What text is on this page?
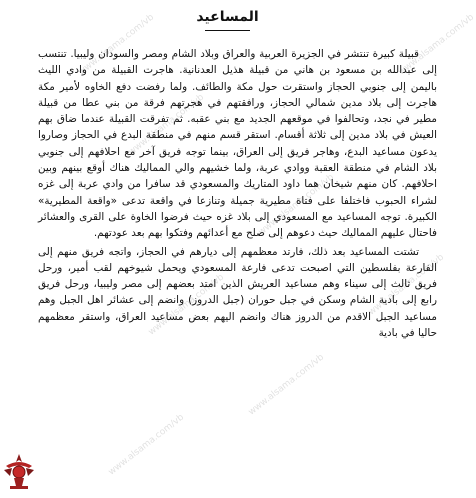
www.alsama.com/vb	www.alsama.com/vb
www.alsama.com/vb
www.alsama.com/vb
www.alsama.com/vb
www.alsama.com/vb
www.alsama.com/vb
www.alsama.com/vb
المساعيد

قبيلة كبيرة تنتشر في الجزيرة العربية والعراق وبلاد الشام ومصر والسودان وليبيا. تنتسب إلى عبدالله بن مسعود بن هاني من قبيلة هذيل العدنانية. هاجرت القبيلة من وادي الليث باليمن إلى جنوبي الحجاز واستقرت حول مكة والطائف. ولما رفضت دفع الخاوه لأمير مكة هاجرت إلى بلاد مدين شمالي الحجاز، ورافقتهم في هجرتهم فرقة من بني عطا من قبيلة مطير في نجد، وتحالفوا في موقعهم الجديد مع بني عقبه. ثم تفرقت القبيلة عندما ضاق بهم العيش في بلاد مدين إلى ثلاثة أقسام. استقر قسم منهم في منطقة البدع في الحجاز وصاروا يدعون مساعيد البدع، وهاجر فريق إلى العراق، بينما توجه فريق آخر مع احلافهم إلى جنوبي بلاد الشام في منطقة العقبة ووادي عربة، ولما خشيهم والي المماليك هناك أوقع بينهم وبين احلافهم. كان منهم شيخان هما داود المتاريك والمسعودي قد سافرا من وادي عربة إلى غزه لشراء الحبوب فاختلفا على فتاة مطيرية جميلة وتنازعا في واقعة تدعى «واقعة المطيرية» الكبيرة. توجه المساعيد مع المسعودي إلى بلاد غزه حيث فرضوا الخاوة على القرى والعشائر فاحتال عليهم المماليك حيث دعوهم إلى صلح مع أعدائهم وفتكوا بهم بعد عودتهم.

تشتت المساعيد بعد ذلك، فارتد معظمهم إلى ديارهم في الحجاز، واتجه فريق منهم إلى الفارعة بفلسطين التي اصبحت تدعى فارعة المسعودي ويحمل شيوخهم لقب أمير، ورحل فريق ثالث إلى سيناء وهم مساعيد العريش الذين امتد بعضهم إلى مصر وليبيا، ورحل فريق رابع إلى بادية الشام وسكن في جبل حوران (جبل الدروز) وانضم إلى عشائر اهل الجبل وهم مساعيد الجبل الاقدم من الدروز هناك وانضم اليهم بعض مساعيد العراق، واستقر معظمهم حاليا في بادية
